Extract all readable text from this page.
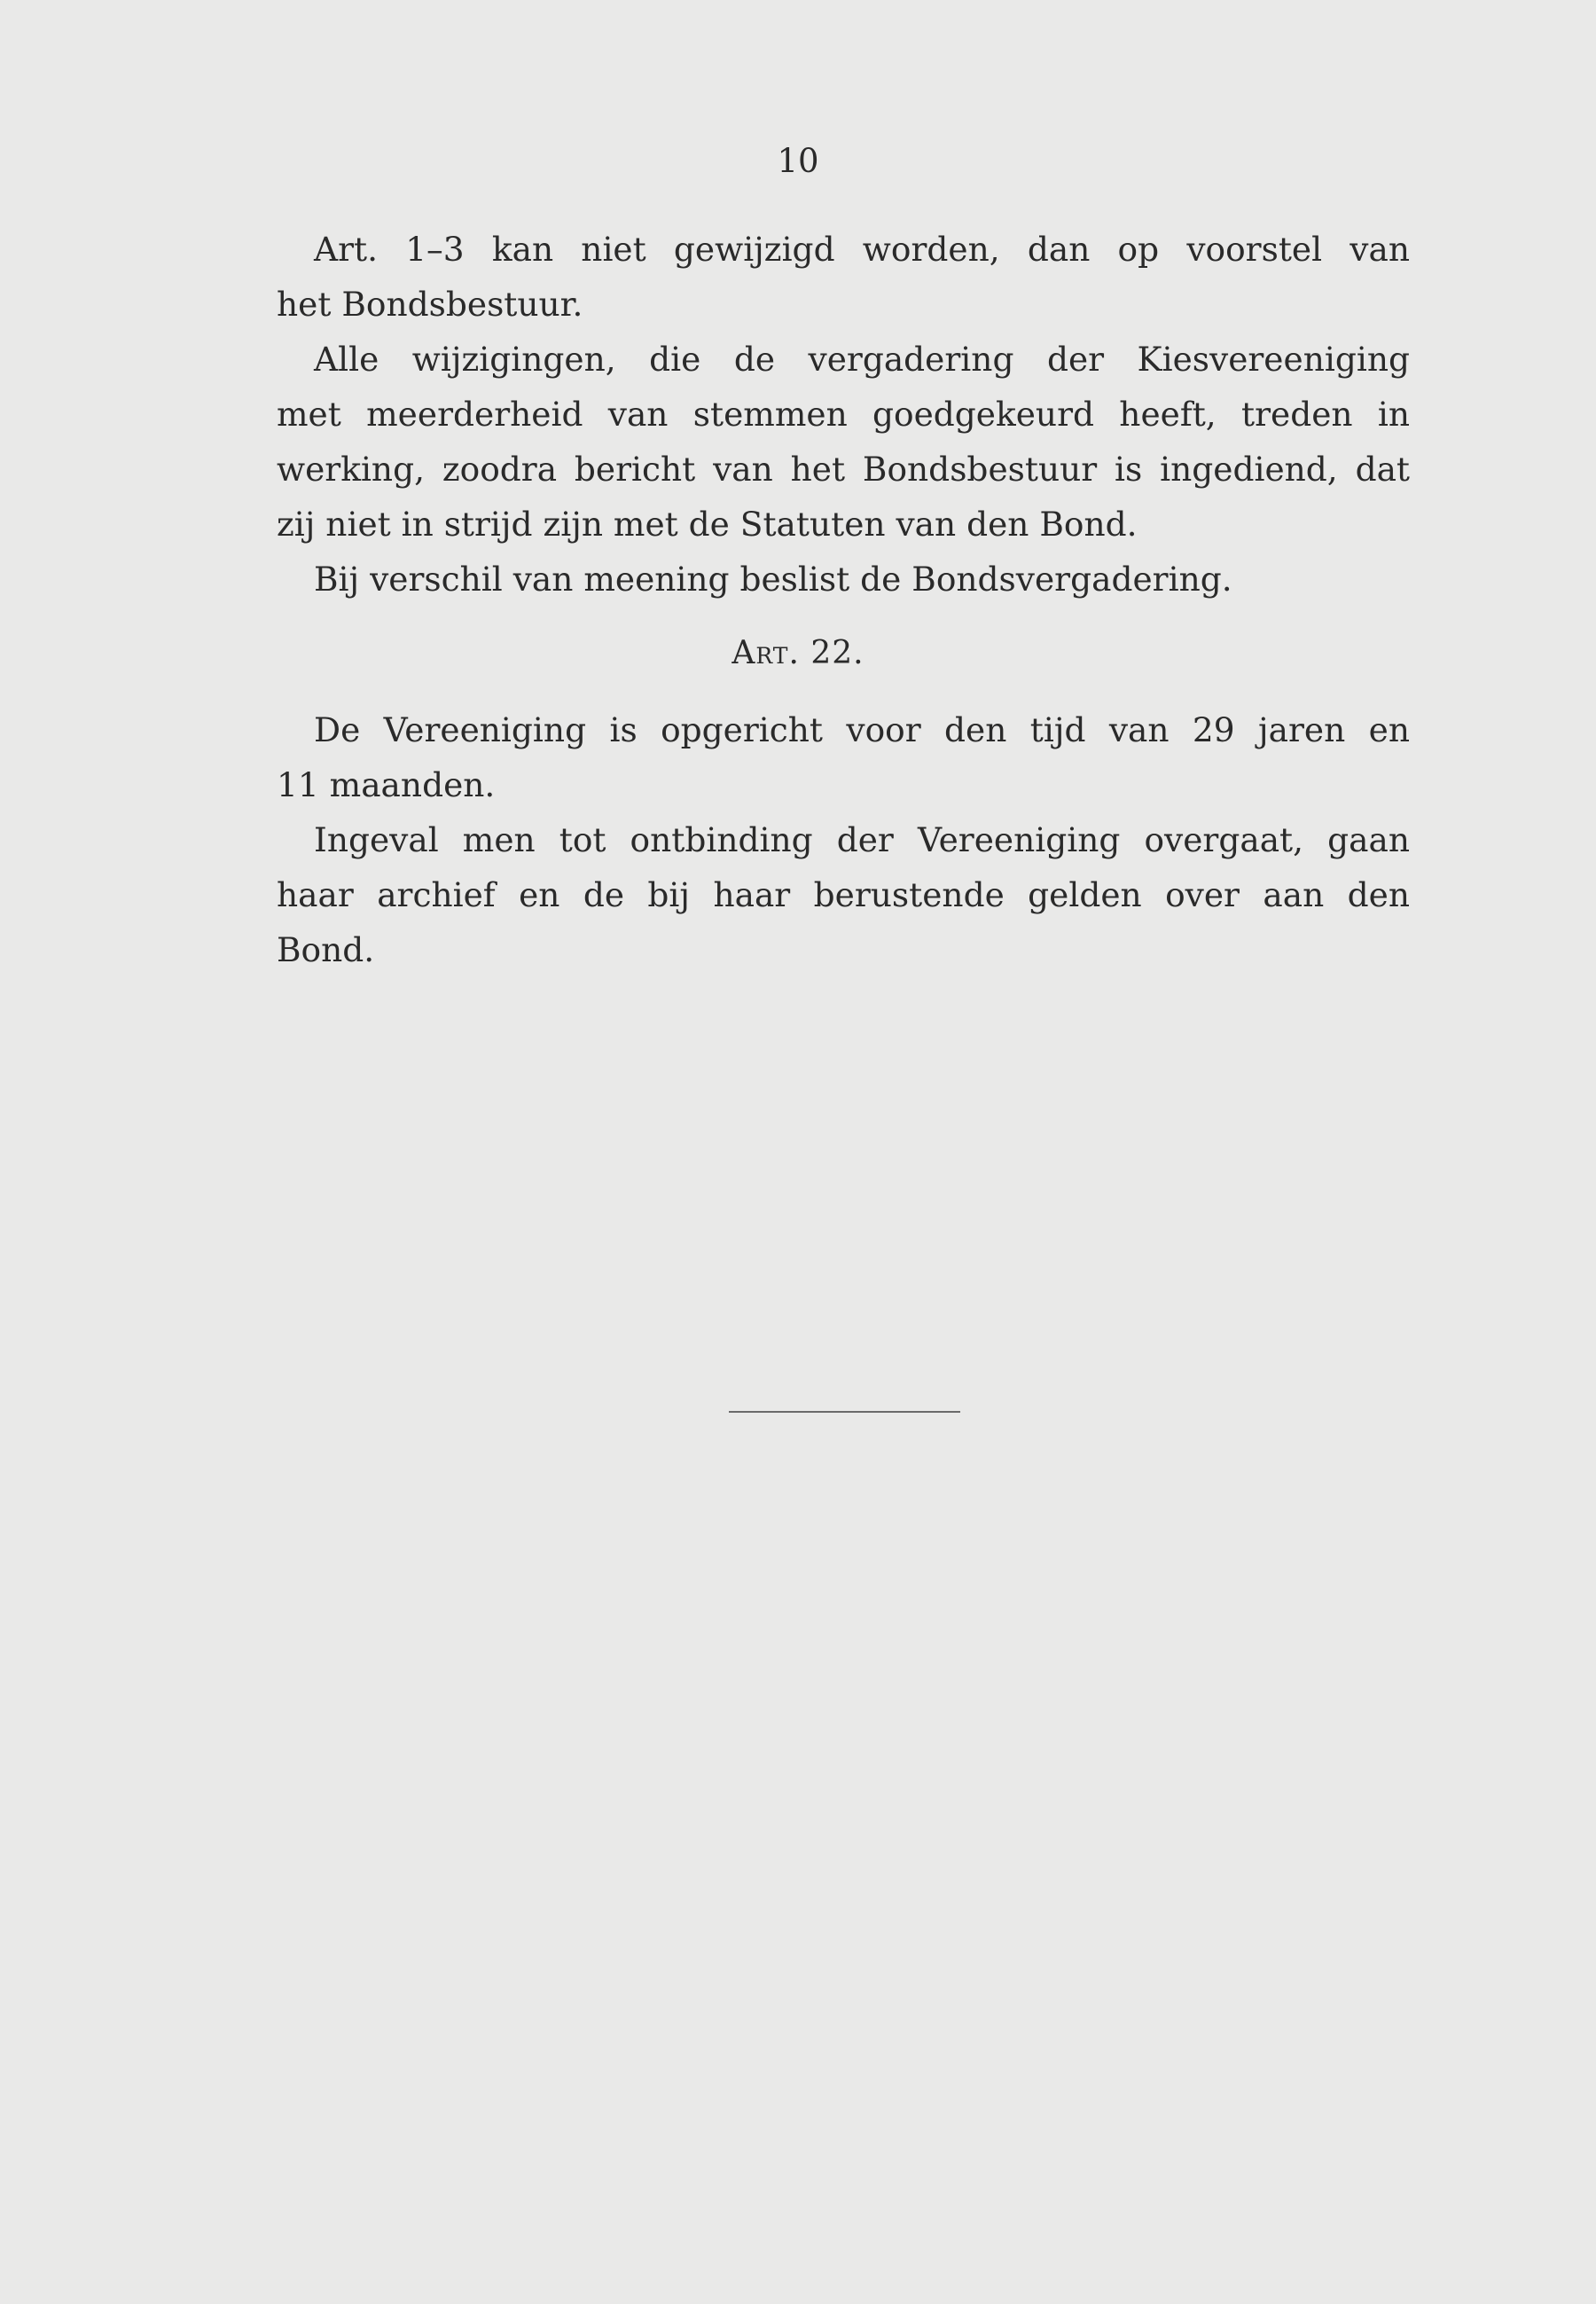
10
Art. 1–3 kan niet gewijzigd worden, dan op voorstel van
het Bondsbestuur.
Alle wijzigingen, die de vergadering der Kiesvereeniging
met meerderheid van stemmen goedgekeurd heeft, treden in
werking, zoodra bericht van het Bondsbestuur is ingediend, dat
zij niet in strijd zijn met de Statuten van den Bond.
Bij verschil van meening beslist de Bondsvergadering.
Art. 22.
De Vereeniging is opgericht voor den tijd van 29 jaren en
11 maanden.
Ingeval men tot ontbinding der Vereeniging overgaat, gaan
haar archief en de bij haar berustende gelden over aan den
Bond.
